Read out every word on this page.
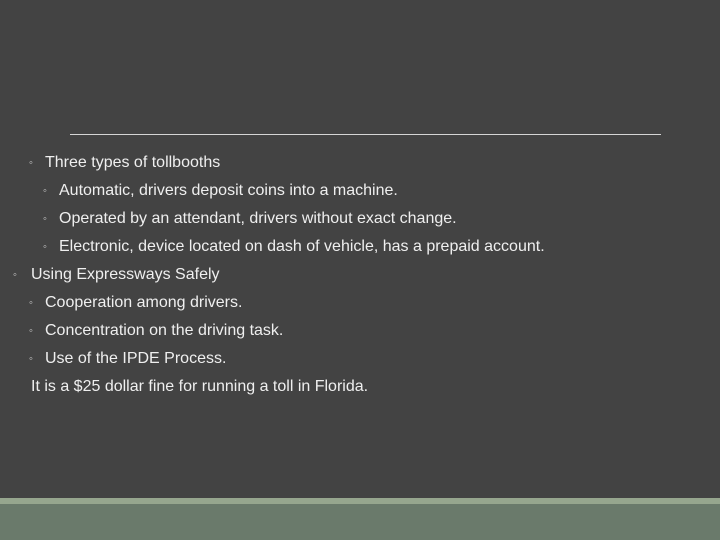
◦ Three types of tollbooths
◦ Automatic, drivers deposit coins into a machine.
◦ Operated by an attendant, drivers without exact change.
◦ Electronic, device located on dash of vehicle, has a prepaid account.
◦ Using Expressways Safely
◦ Cooperation among drivers.
◦ Concentration on the driving task.
◦ Use of the IPDE Process.
It is a $25 dollar fine for running a toll in Florida.
